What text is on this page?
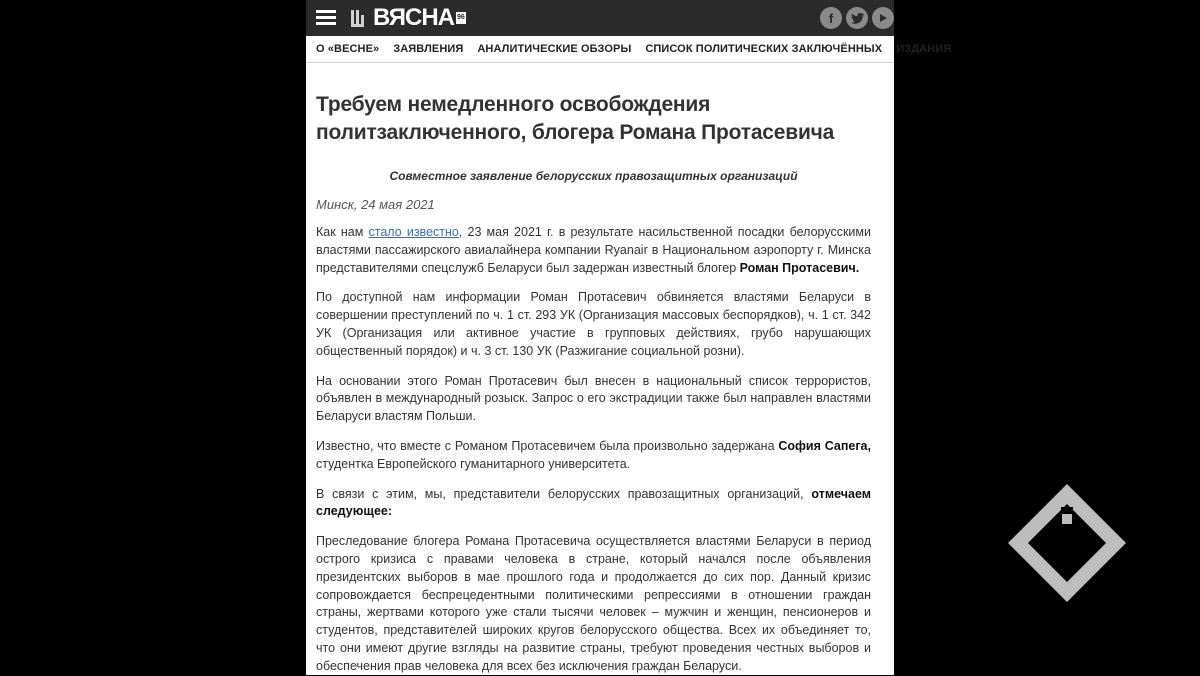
ВЯСНА 96	f
О «ВЕСНЕ» ЗАЯВЛЕНИЯ АНАЛИТИЧЕСКИЕ ОБЗОРЫ СПИСОК ПОЛИТИЧЕСКИХ ЗАКЛЮЧЁННЫХ ИЗДАНИЯ
Требуем немедленного освобождения политзаключенного, блогера Романа Протасевича
Совместное заявление белорусских правозащитных организаций
Минск, 24 мая 2021

Как нам стало известно, 23 мая 2021 г. в результате насильственной посадки белорусскими властями пассажирского авиалайнера компании Ryanair в Национальном аэропорту г. Минска представителями спецслужб Беларуси был задержан известный блогер Роман Протасевич.

По доступной нам информации Роман Протасевич обвиняется властями Беларуси в совершении преступлений по ч. 1 ст. 293 УК (Организация массовых беспорядков), ч. 1 ст. 342 УК (Организация или активное участие в групповых действиях, грубо нарушающих общественный порядок) и ч. 3 ст. 130 УК (Разжигание социальной розни).

На основании этого Роман Протасевич был внесен в национальный список террористов, объявлен в международный розыск. Запрос о его экстрадиции также был направлен властями Беларуси властям Польши.

Известно, что вместе с Романом Протасевичем была произвольно задержана София Сапега, студентка Европейского гуманитарного университета.

В связи с этим, мы, представители белорусских правозащитных организаций, отмечаем следующее:

Преследование блогера Романа Протасевича осуществляется властями Беларуси в период острого кризиса с правами человека в стране, который начался после объявления президентских выборов в мае прошлого года и продолжается до сих пор. Данный кризис сопровождается беспрецедентными политическими репрессиями в отношении граждан страны, жертвами которого уже стали тысячи человек – мужчин и женщин, пенсионеров и студентов, представителей широких кругов белорусского общества. Всех их объединяет то, что они имеют другие взгляды на развитие страны, требуют проведения честных выборов и обеспечения прав человека для всех без исключения граждан Беларуси.
